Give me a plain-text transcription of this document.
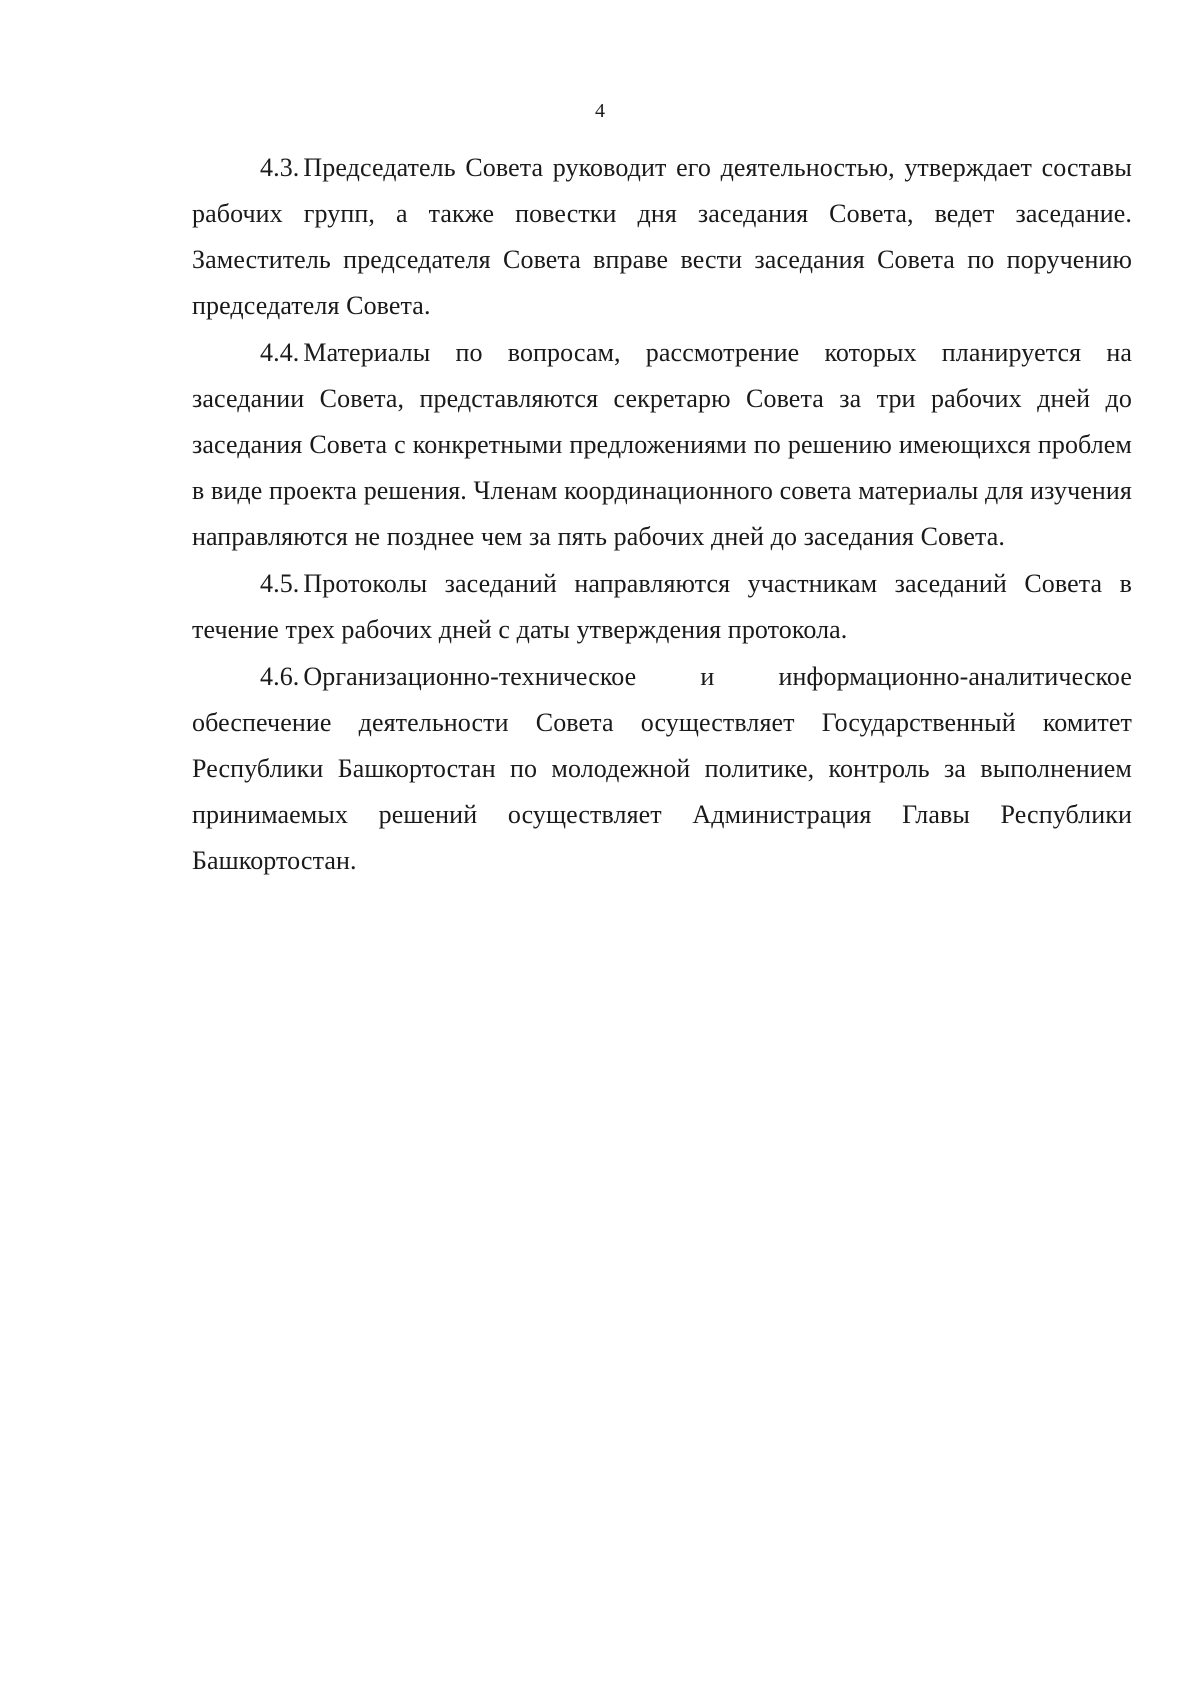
4

4.3. Председатель Совета руководит его деятельностью, утверждает составы рабочих групп, а также повестки дня заседания Совета, ведет заседание. Заместитель председателя Совета вправе вести заседания Совета по поручению председателя Совета.

4.4. Материалы по вопросам, рассмотрение которых планируется на заседании Совета, представляются секретарю Совета за три рабочих дней до заседания Совета с конкретными предложениями по решению имеющихся проблем в виде проекта решения. Членам координационного совета материалы для изучения направляются не позднее чем за пять рабочих дней до заседания Совета.

4.5. Протоколы заседаний направляются участникам заседаний Совета в течение трех рабочих дней с даты утверждения протокола.

4.6. Организационно-техническое и информационно-аналитическое обеспечение деятельности Совета осуществляет Государственный комитет Республики Башкортостан по молодежной политике, контроль за выполнением принимаемых решений осуществляет Администрация Главы Республики Башкортостан.
